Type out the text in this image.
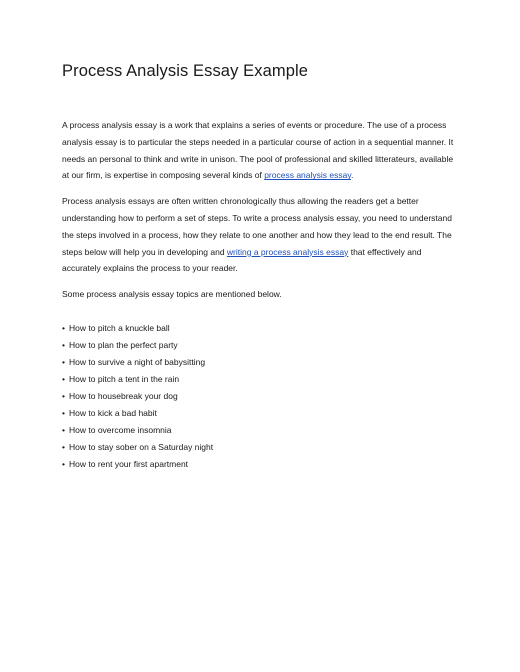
Process Analysis Essay Example

A process analysis essay is a work that explains a series of events or procedure. The use of a process analysis essay is to particular the steps needed in a particular course of action in a sequential manner. It needs an personal to think and write in unison. The pool of professional and skilled litterateurs, available at our firm, is expertise in composing several kinds of process analysis essay.

Process analysis essays are often written chronologically thus allowing the readers get a better understanding how to perform a set of steps. To write a process analysis essay, you need to understand the steps involved in a process, how they relate to one another and how they lead to the end result. The steps below will help you in developing and writing a process analysis essay that effectively and accurately explains the process to your reader.

Some process analysis essay topics are mentioned below.

• How to pitch a knuckle ball
• How to plan the perfect party
• How to survive a night of babysitting
• How to pitch a tent in the rain
• How to housebreak your dog
• How to kick a bad habit
• How to overcome insomnia
• How to stay sober on a Saturday night
• How to rent your first apartment
